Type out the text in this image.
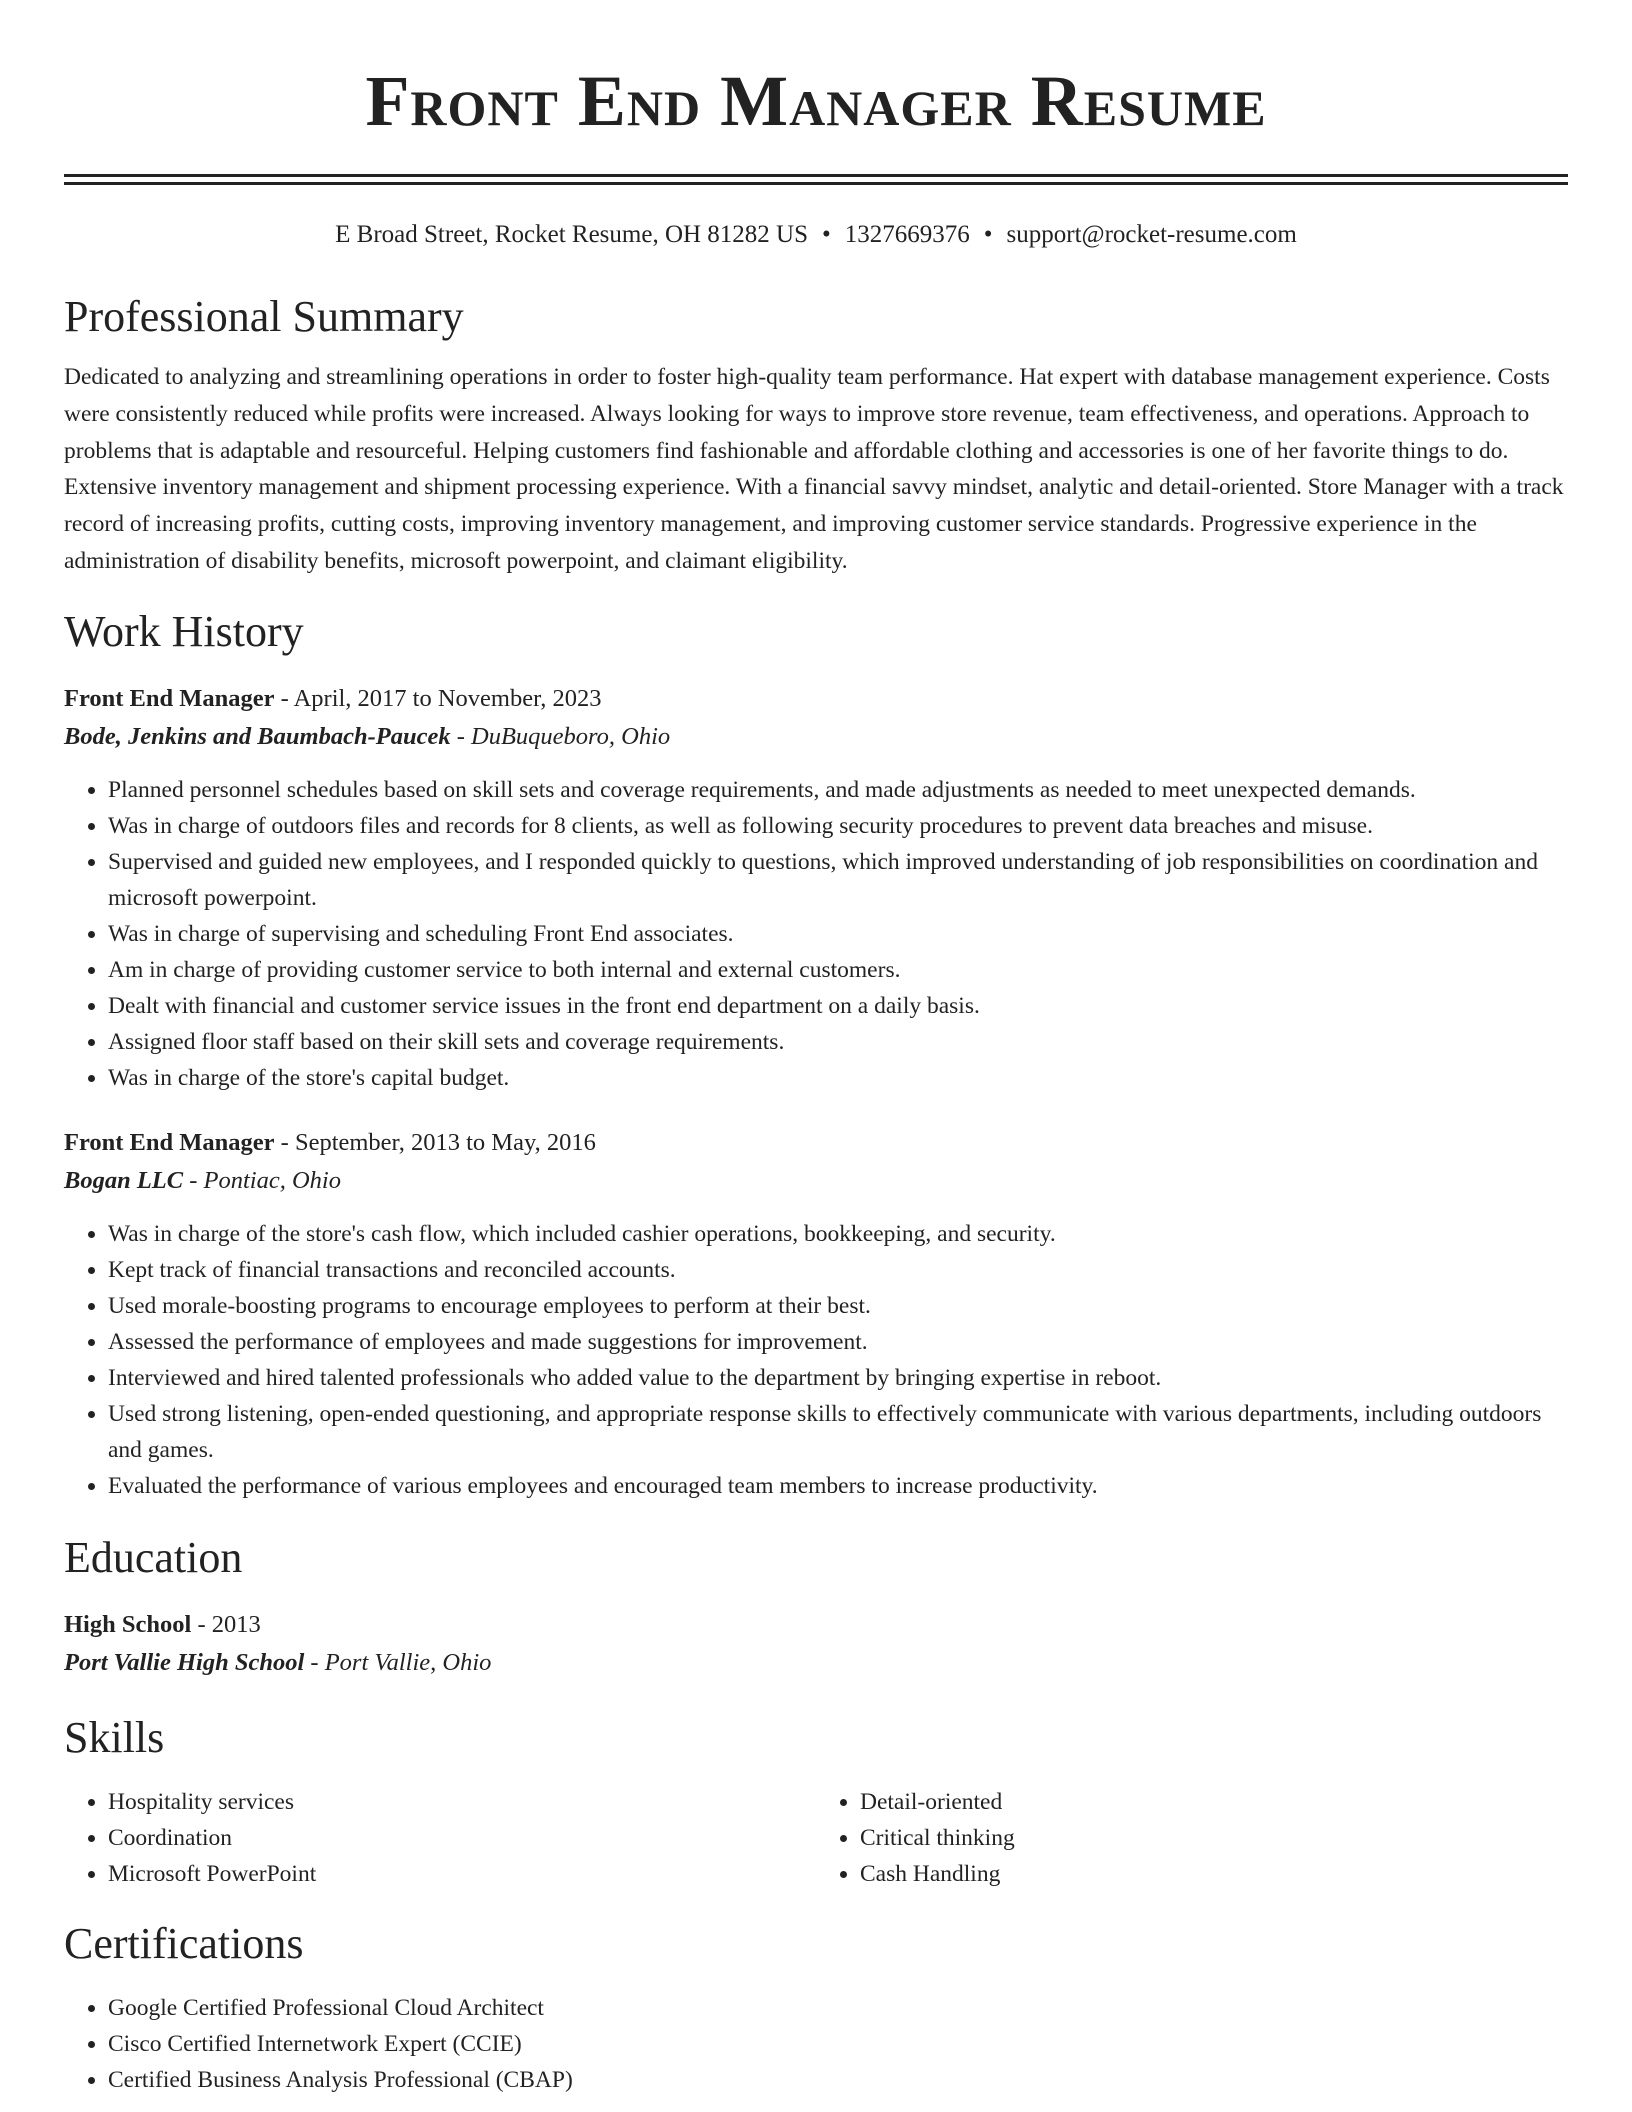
Front End Manager Resume
E Broad Street, Rocket Resume, OH 81282 US • 1327669376 • support@rocket-resume.com
Professional Summary

Dedicated to analyzing and streamlining operations in order to foster high-quality team performance. Hat expert with database management experience. Costs were consistently reduced while profits were increased. Always looking for ways to improve store revenue, team effectiveness, and operations. Approach to problems that is adaptable and resourceful. Helping customers find fashionable and affordable clothing and accessories is one of her favorite things to do. Extensive inventory management and shipment processing experience. With a financial savvy mindset, analytic and detail-oriented. Store Manager with a track record of increasing profits, cutting costs, improving inventory management, and improving customer service standards. Progressive experience in the administration of disability benefits, microsoft powerpoint, and claimant eligibility.

Work History
Front End Manager - April, 2017 to November, 2023
Bode, Jenkins and Baumbach-Paucek - DuBuqueboro, Ohio
• Planned personnel schedules based on skill sets and coverage requirements, and made adjustments as needed to meet unexpected demands.
• Was in charge of outdoors files and records for 8 clients, as well as following security procedures to prevent data breaches and misuse.
• Supervised and guided new employees, and I responded quickly to questions, which improved understanding of job responsibilities on coordination and microsoft powerpoint.
• Was in charge of supervising and scheduling Front End associates.
• Am in charge of providing customer service to both internal and external customers.
• Dealt with financial and customer service issues in the front end department on a daily basis.
• Assigned floor staff based on their skill sets and coverage requirements.
• Was in charge of the store's capital budget.
Front End Manager - September, 2013 to May, 2016
Bogan LLC - Pontiac, Ohio
• Was in charge of the store's cash flow, which included cashier operations, bookkeeping, and security.
• Kept track of financial transactions and reconciled accounts.
• Used morale-boosting programs to encourage employees to perform at their best.
• Assessed the performance of employees and made suggestions for improvement.
• Interviewed and hired talented professionals who added value to the department by bringing expertise in reboot.
• Used strong listening, open-ended questioning, and appropriate response skills to effectively communicate with various departments, including outdoors and games.
• Evaluated the performance of various employees and encouraged team members to increase productivity.
Education
High School - 2013
Port Vallie High School - Port Vallie, Ohio
Skills
• Hospitality services
• Coordination
• Microsoft PowerPoint
• Detail-oriented
• Critical thinking
• Cash Handling
Certifications
• Google Certified Professional Cloud Architect
• Cisco Certified Internetwork Expert (CCIE)
• Certified Business Analysis Professional (CBAP)
